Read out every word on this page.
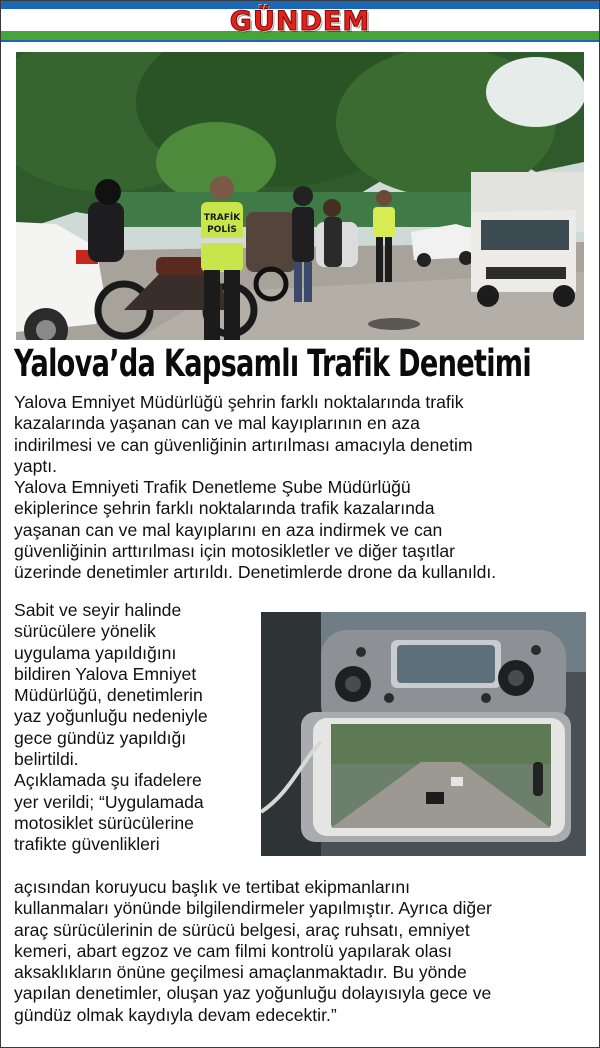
GÜNDEM
TRAFİK
POLİS
Yalova’da Kapsamlı Trafik Denetimi

Yalova Emniyet Müdürlüğü şehrin farklı noktalarında trafik

kazalarında yaşanan can ve mal kayıplarının en aza

indirilmesi ve can güvenliğinin artırılması amacıyla denetim

yaptı.

Yalova Emniyeti Trafik Denetleme Şube Müdürlüğü

ekiplerince şehrin farklı noktalarında trafik kazalarında

yaşanan can ve mal kayıplarını en aza indirmek ve can

güvenliğinin arttırılması için motosikletler ve diğer taşıtlar

üzerinde denetimler artırıldı. Denetimlerde drone da kullanıldı.

Sabit ve seyir halinde

sürücülere yönelik

uygulama yapıldığını

bildiren Yalova Emniyet

Müdürlüğü, denetimlerin

yaz yoğunluğu nedeniyle

gece gündüz yapıldığı

belirtildi.

Açıklamada şu ifadelere

yer verildi; “Uygulamada

motosiklet sürücülerine

trafikte güvenlikleri

açısından koruyucu başlık ve tertibat ekipmanlarını

kullanmaları yönünde bilgilendirmeler yapılmıştır. Ayrıca diğer

araç sürücülerinin de sürücü belgesi, araç ruhsatı, emniyet

kemeri, abart egzoz ve cam filmi kontrolü yapılarak olası

aksaklıkların önüne geçilmesi amaçlanmaktadır. Bu yönde

yapılan denetimler, oluşan yaz yoğunluğu dolayısıyla gece ve

gündüz olmak kaydıyla devam edecektir.”
